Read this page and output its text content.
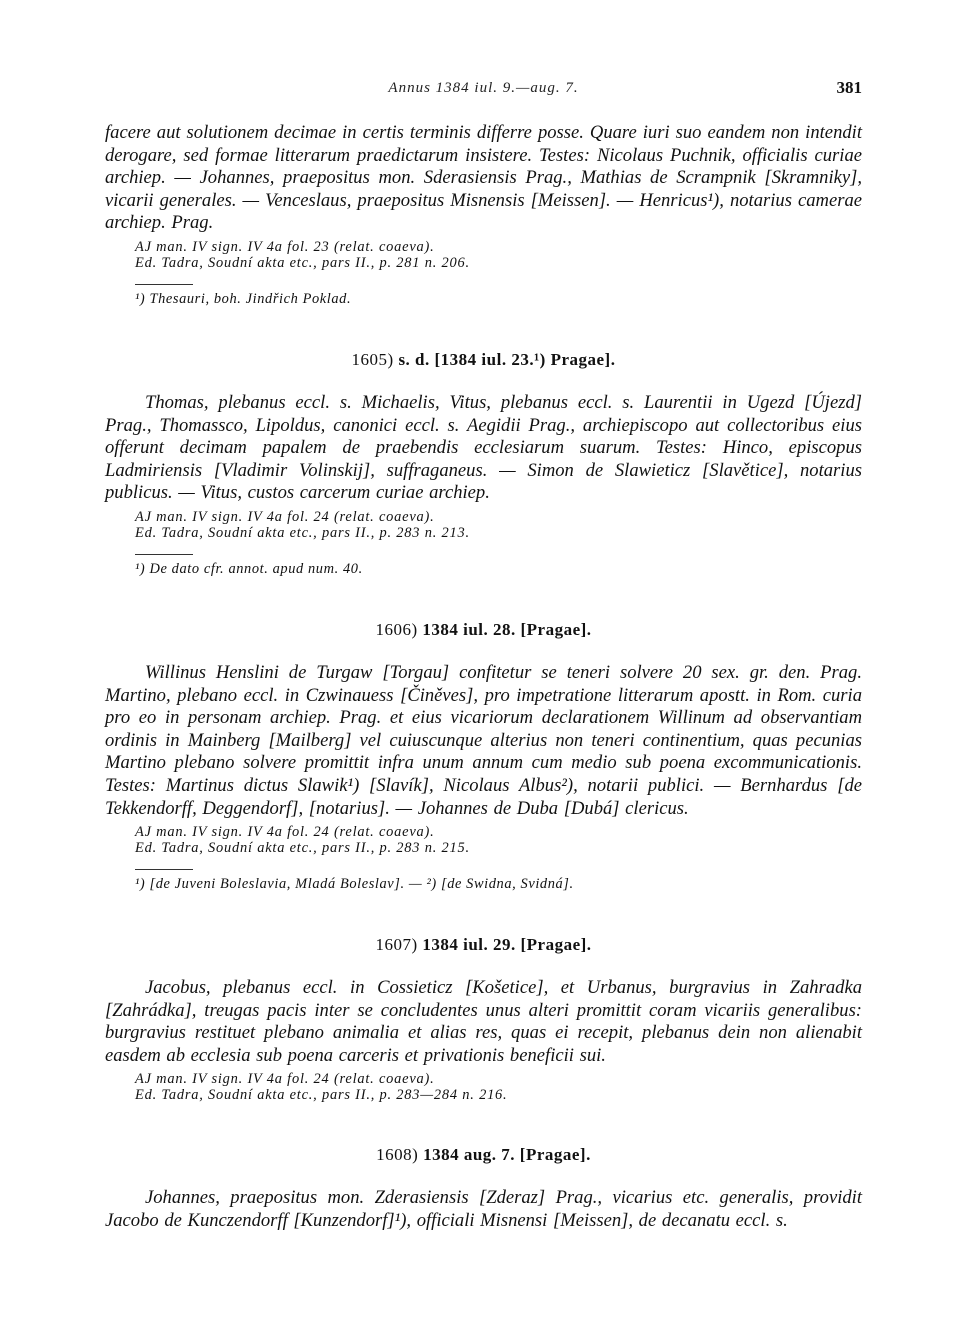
Annus 1384 iul. 9.—aug. 7.	381

facere aut solutionem decimae in certis terminis differre posse. Quare iuri suo eandem non intendit derogare, sed formae litterarum praedictarum insistere. Testes: Nicolaus Puchnik, officialis curiae archiep. — Johannes, praepositus mon. Sderasiensis Prag., Mathias de Scrampnik [Skramniky], vicarii generales. — Venceslaus, praepositus Misnensis [Meissen]. — Henricus¹), notarius camerae archiep. Prag.

AJ man. IV sign. IV 4a fol. 23 (relat. coaeva).
Ed. Tadra, Soudní akta etc., pars II., p. 281 n. 206.
¹) Thesauri, boh. Jindřich Poklad.
1605) s. d. [1384 iul. 23.¹) Pragae].

Thomas, plebanus eccl. s. Michaelis, Vitus, plebanus eccl. s. Laurentii in Ugezd [Újezd] Prag., Thomassco, Lipoldus, canonici eccl. s. Aegidii Prag., archiepiscopo aut collectoribus eius offerunt decimam papalem de praebendis ecclesiarum suarum. Testes: Hinco, episcopus Ladmiriensis [Vladimir Volinskij], suffraganeus. — Simon de Slawieticz [Slavětice], notarius publicus. — Vitus, custos carcerum curiae archiep.

AJ man. IV sign. IV 4a fol. 24 (relat. coaeva).
Ed. Tadra, Soudní akta etc., pars II., p. 283 n. 213.
¹) De dato cfr. annot. apud num. 40.
1606) 1384 iul. 28. [Pragae].

Willinus Henslini de Turgaw [Torgau] confitetur se teneri solvere 20 sex. gr. den. Prag. Martino, plebano eccl. in Czwinauess [Činěves], pro impetratione litterarum apostt. in Rom. curia pro eo in personam archiep. Prag. et eius vicariorum declarationem Willinum ad observantiam ordinis in Mainberg [Mailberg] vel cuiuscunque alterius non teneri continentium, quas pecunias Martino plebano solvere promittit infra unum annum cum medio sub poena excommunicationis. Testes: Martinus dictus Slawik¹) [Slavík], Nicolaus Albus²), notarii publici. — Bernhardus [de Tekkendorff, Deggendorf], [notarius]. — Johannes de Duba [Dubá] clericus.

AJ man. IV sign. IV 4a fol. 24 (relat. coaeva).
Ed. Tadra, Soudní akta etc., pars II., p. 283 n. 215.
¹) [de Juveni Boleslavia, Mladá Boleslav]. — ²) [de Swidna, Svidná].
1607) 1384 iul. 29. [Pragae].

Jacobus, plebanus eccl. in Cossieticz [Košetice], et Urbanus, burgravius in Zahradka [Zahrádka], treugas pacis inter se concludentes unus alteri promittit coram vicariis generalibus: burgravius restituet plebano animalia et alias res, quas ei recepit, plebanus dein non alienabit easdem ab ecclesia sub poena carceris et privationis beneficii sui.

AJ man. IV sign. IV 4a fol. 24 (relat. coaeva).
Ed. Tadra, Soudní akta etc., pars II., p. 283—284 n. 216.
1608) 1384 aug. 7. [Pragae].

Johannes, praepositus mon. Zderasiensis [Zderaz] Prag., vicarius etc. generalis, providit Jacobo de Kunczendorff [Kunzendorf]¹), officiali Misnensi [Meissen], de decanatu eccl. s.
